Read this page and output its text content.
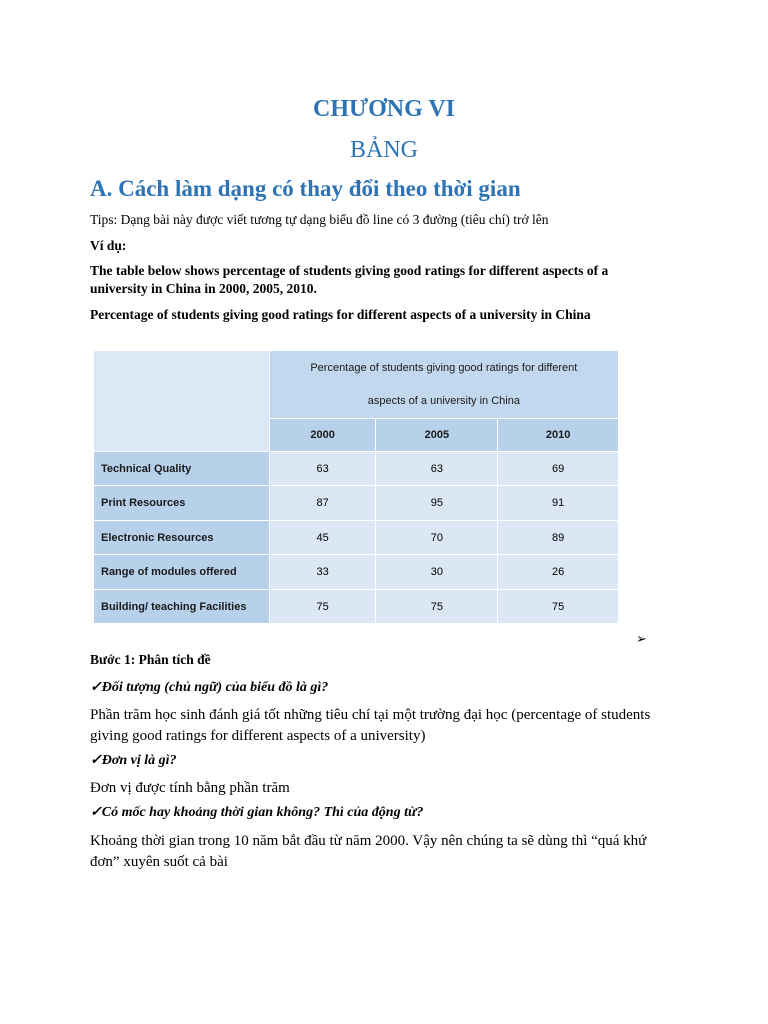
CHƯƠNG VI
BẢNG
A. Cách làm dạng có thay đổi theo thời gian
Tips: Dạng bài này được viết tương tự dạng biểu đồ line có 3 đường (tiêu chí) trở lên
Ví dụ:
The table below shows percentage of students giving good ratings for different aspects of a university in China in 2000, 2005, 2010.
Percentage of students giving good ratings for different aspects of a university in China

	Percentage of students giving good ratings for different
aspects of a university in China		

	2000	2005	2010
Technical Quality	63	63	69
Print Resources	87	95	91
Electronic Resources	45	70	89
Range of modules offered	33	30	26
Building/ teaching Facilities	75	75	75
➢
Bước 1: Phân tích đề
✓Đối tượng (chủ ngữ) của biểu đồ là gì?
Phần trăm học sinh đánh giá tốt những tiêu chí tại một trường đại học (percentage of students giving good ratings for different aspects of a university)
✓Đơn vị là gì?
Đơn vị được tính bằng phần trăm
✓Có mốc hay khoảng thời gian không? Thì của động từ?
Khoảng thời gian trong 10 năm bắt đầu từ năm 2000. Vậy nên chúng ta sẽ dùng thì “quá khứ đơn” xuyên suốt cả bài
